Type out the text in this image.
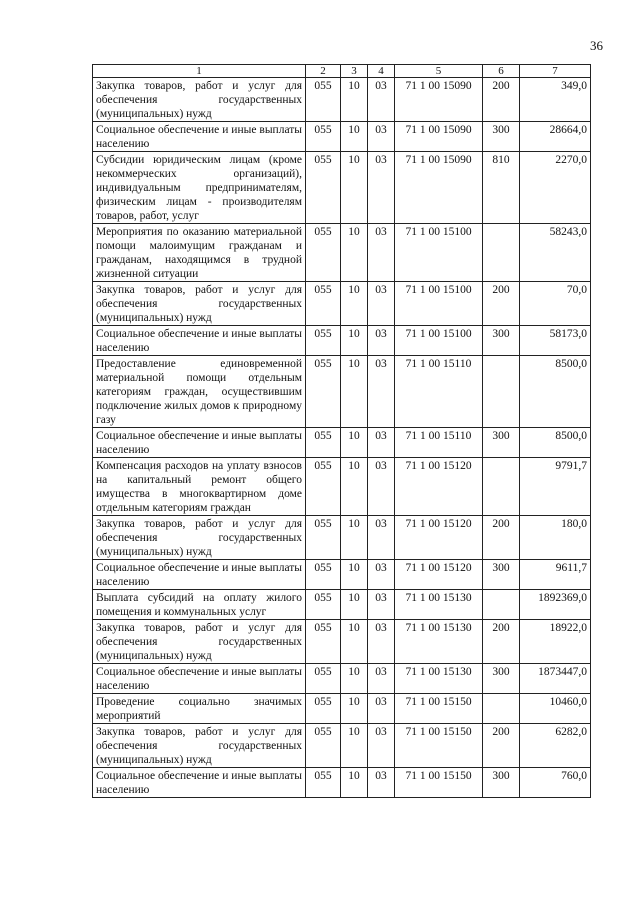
36
1	2	3	4	5	6	7
Закупка товаров, работ и услуг для обеспечения государственных (муниципальных) нужд	055	10	03	71 1 00 15090	200	349,0
Социальное обеспечение и иные выплаты населению	055	10	03	71 1 00 15090	300	28664,0
Субсидии юридическим лицам (кроме некоммерческих организаций), индивидуальным предпринимателям, физическим лицам - производителям товаров, работ, услуг	055	10	03	71 1 00 15090	810	2270,0
Мероприятия по оказанию материальной помощи малоимущим гражданам и гражданам, находящимся в трудной жизненной ситуации	055	10	03	71 1 00 15100		58243,0
Закупка товаров, работ и услуг для обеспечения государственных (муниципальных) нужд	055	10	03	71 1 00 15100	200	70,0
Социальное обеспечение и иные выплаты населению	055	10	03	71 1 00 15100	300	58173,0
Предоставление единовременной материальной помощи отдельным категориям граждан, осуществившим подключение жилых домов к природному газу	055	10	03	71 1 00 15110		8500,0
Социальное обеспечение и иные выплаты населению	055	10	03	71 1 00 15110	300	8500,0
Компенсация расходов на уплату взносов на капитальный ремонт общего имущества в многоквартирном доме отдельным категориям граждан	055	10	03	71 1 00 15120		9791,7
Закупка товаров, работ и услуг для обеспечения государственных (муниципальных) нужд	055	10	03	71 1 00 15120	200	180,0
Социальное обеспечение и иные выплаты населению	055	10	03	71 1 00 15120	300	9611,7
Выплата субсидий на оплату жилого помещения и коммунальных услуг	055	10	03	71 1 00 15130		1892369,0
Закупка товаров, работ и услуг для обеспечения государственных (муниципальных) нужд	055	10	03	71 1 00 15130	200	18922,0
Социальное обеспечение и иные выплаты населению	055	10	03	71 1 00 15130	300	1873447,0
Проведение социально значимых мероприятий	055	10	03	71 1 00 15150		10460,0
Закупка товаров, работ и услуг для обеспечения государственных (муниципальных) нужд	055	10	03	71 1 00 15150	200	6282,0
Социальное обеспечение и иные выплаты населению	055	10	03	71 1 00 15150	300	760,0
